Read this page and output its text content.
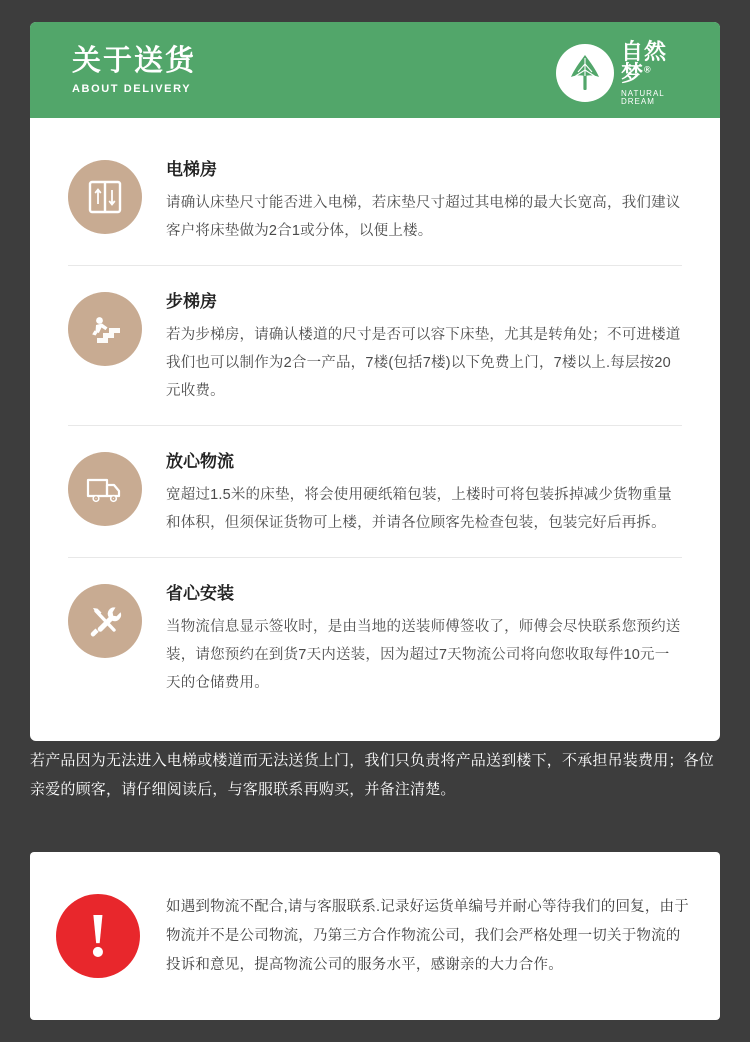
关于送货
ABOUT DELIVERY
自然梦®
NATURAL DREAM
电梯房
请确认床垫尺寸能否进入电梯，若床垫尺寸超过其电梯的最大长宽高，我们建议客户将床垫做为2合1或分体，以便上楼。
步梯房
若为步梯房，请确认楼道的尺寸是否可以容下床垫，尤其是转角处；不可进楼道我们也可以制作为2合一产品，7楼(包括7楼)以下免费上门，7楼以上.每层按20元收费。
放心物流
宽超过1.5米的床垫，将会使用硬纸箱包装，上楼时可将包装拆掉减少货物重量和体积，但须保证货物可上楼，并请各位顾客先检查包装，包装完好后再拆。
省心安装
当物流信息显示签收时，是由当地的送装师傅签收了，师傅会尽快联系您预约送装，请您预约在到货7天内送装，因为超过7天物流公司将向您收取每件10元一天的仓储费用。
若产品因为无法进入电梯或楼道而无法送货上门，我们只负责将产品送到楼下，不承担吊装费用；各位亲爱的顾客，请仔细阅读后，与客服联系再购买，并备注清楚。
!	如遇到物流不配合,请与客服联系.记录好运货单编号并耐心等待我们的回复，由于物流并不是公司物流，乃第三方合作物流公司，我们会严格处理一切关于物流的投诉和意见，提高物流公司的服务水平，感谢亲的大力合作。
